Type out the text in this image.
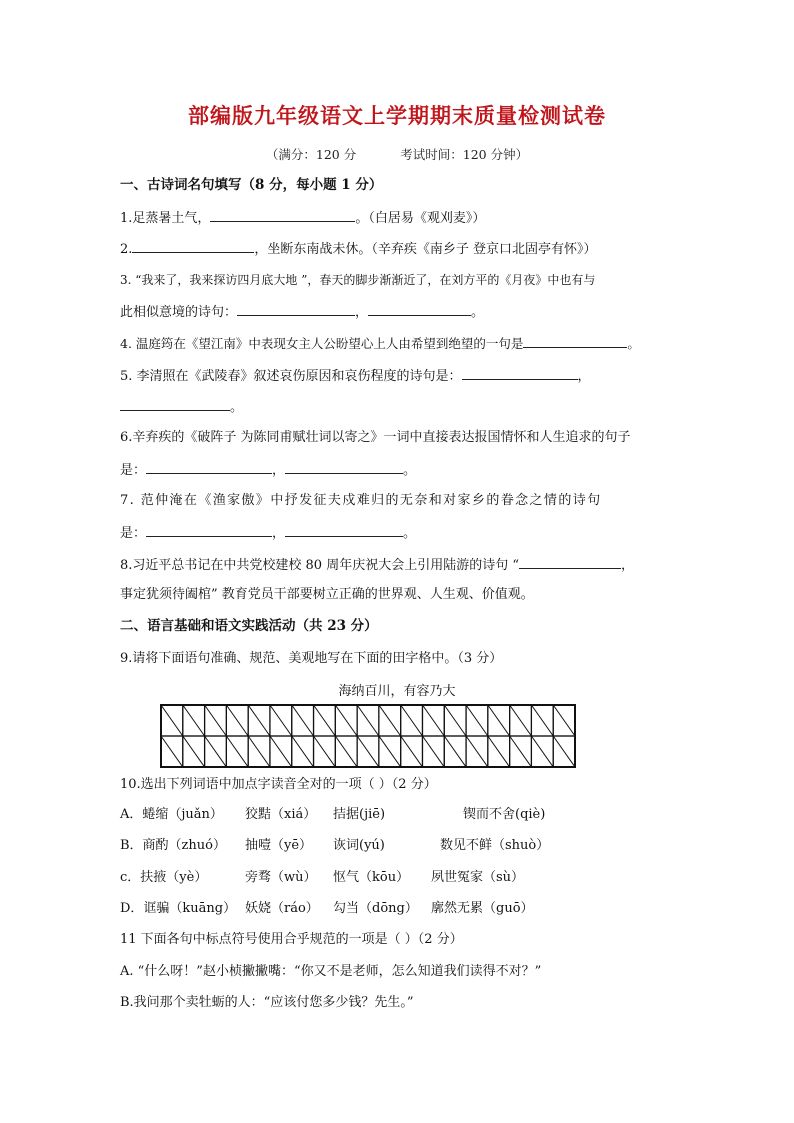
部编版九年级语文上学期期末质量检测试卷
（满分：120 分	考试时间：120 分钟）
一、古诗词名句填写（8 分，每小题 1 分）
1.足蒸暑土气，	。（白居易《观刈麦》）
2.	，坐断东南战未休。（辛弃疾《南乡子 登京口北固亭有怀》）
3. “我来了，我来探访四月底大地 ”，春天的脚步渐渐近了，在刘方平的《月夜》中也有与
此相似意境的诗句：	，	。
4. 温庭筠在《望江南》中表现女主人公盼望心上人由希望到绝望的一句是	。
5. 李清照在《武陵春》叙述哀伤原因和哀伤程度的诗句是：	，
。
6.辛弃疾的《破阵子 为陈同甫赋壮词以寄之》一词中直接表达报国情怀和人生追求的句子
是：	，	。
7. 范仲淹在《渔家傲》中抒发征夫戍难归的无奈和对家乡的眷念之情的诗句
是：	，	。
8.习近平总书记在中共党校建校 80 周年庆祝大会上引用陆游的诗句 “	，
事定犹须待阖棺” 教育党员干部要树立正确的世界观、人生观、价值观。
二、语言基础和语文实践活动（共 23 分）
9.请将下面语句准确、规范、美观地写在下面的田字格中。（3 分）
海纳百川，有容乃大
10.选出下列词语中加点字读音全对的一项（ ）（2 分）
A．蜷缩（juǎn） 狡黠（xiá） 拮据(jiē)	锲而不舍(qiè)
B．商酌（zhuó） 抽噎（yē） 诙词(yú)	数见不鲜（shuò）
c．扶掖（yè）	旁骛（wù） 怄气（kōu） 夙世冤家（sù）
D．诓骗（kuāng） 妖娆（ráo） 勾当（dōng） 廓然无累（guō）
11 下面各句中标点符号使用合乎规范的一项是（ ）（2 分）
A. “什么呀！”赵小桢撇撇嘴：“你又不是老师，怎么知道我们读得不对？”
B.我问那个卖牡蛎的人：“应该付您多少钱？先生。”
